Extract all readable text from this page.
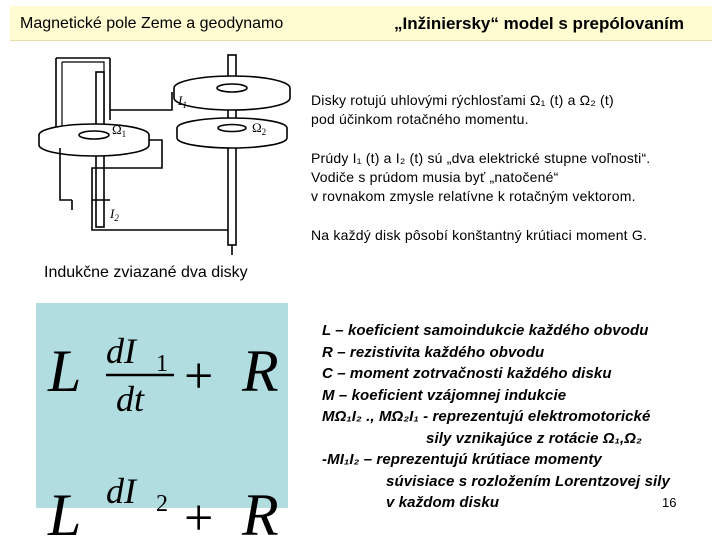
Magnetické pole Zeme a geodynamo	„Inžiniersky“ model s prepólovaním
$I_1$
$\Omega_1$	$\Omega_2$
$I_2$
Disky rotujú uhlovými rýchlosťami Ω₁ (t) a Ω₂ (t)
pod účinkom rotačného momentu.
Prúdy I₁ (t) a I₂ (t) sú „dva elektrické stupne voľnosti“.
Vodiče s prúdom musia byť „natočené“
v rovnakom zmysle relatívne k rotačným vektorom.
Na každý disk pôsobí konštantný krútiaci moment G.
Indukčne zviazané dva disky
L dI 1
dt + R
L dI 2 + R
L – koeficient samoindukcie každého obvodu
R – rezistivita každého obvodu
C – moment zotrvačnosti každého disku
M – koeficient vzájomnej indukcie
MΩ₁I₂ ., MΩ₂I₁ - reprezentujú elektromotorické
sily vznikajúce z rotácie Ω₁,Ω₂
-MI₁I₂ – reprezentujú krútiace momenty
súvisiace s rozložením Lorentzovej sily
v každom disku	16
